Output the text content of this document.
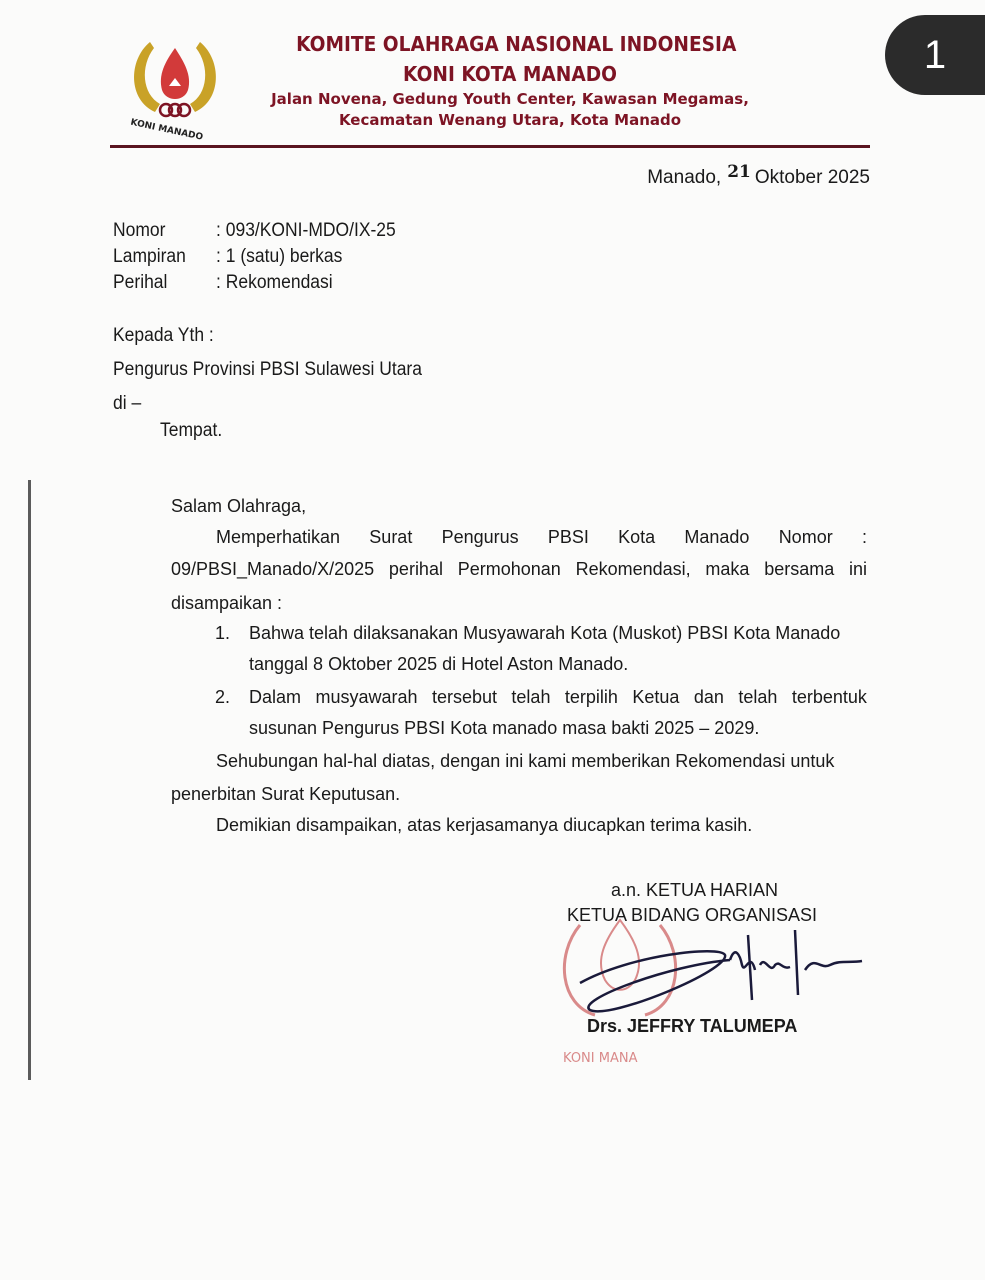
KONI MANADO
KOMITE OLAHRAGA NASIONAL INDONESIA
KONI KOTA MANADO
Jalan Novena, Gedung Youth Center, Kawasan Megamas,
Kecamatan Wenang Utara, Kota Manado
1
Manado, 21 Oktober 2025
Nomor	: 093/KONI-MDO/IX-25
Lampiran : 1 (satu) berkas
Perihal	: Rekomendasi
Kepada Yth :
Pengurus Provinsi PBSI Sulawesi Utara
di –
Tempat.
Salam Olahraga,
Memperhatikan Surat Pengurus PBSI Kota Manado Nomor :
09/PBSI_Manado/X/2025 perihal Permohonan Rekomendasi, maka bersama ini
disampaikan :
1. Bahwa telah dilaksanakan Musyawarah Kota (Muskot) PBSI Kota Manado
tanggal 8 Oktober 2025 di Hotel Aston Manado.
2. Dalam musyawarah tersebut telah terpilih Ketua dan telah terbentuk
susunan Pengurus PBSI Kota manado masa bakti 2025 – 2029.
Sehubungan hal-hal diatas, dengan ini kami memberikan Rekomendasi untuk
penerbitan Surat Keputusan.
Demikian disampaikan, atas kerjasamanya diucapkan terima kasih.
KONI MANA
a.n. KETUA HARIAN
KETUA BIDANG ORGANISASI
Drs. JEFFRY TALUMEPA
